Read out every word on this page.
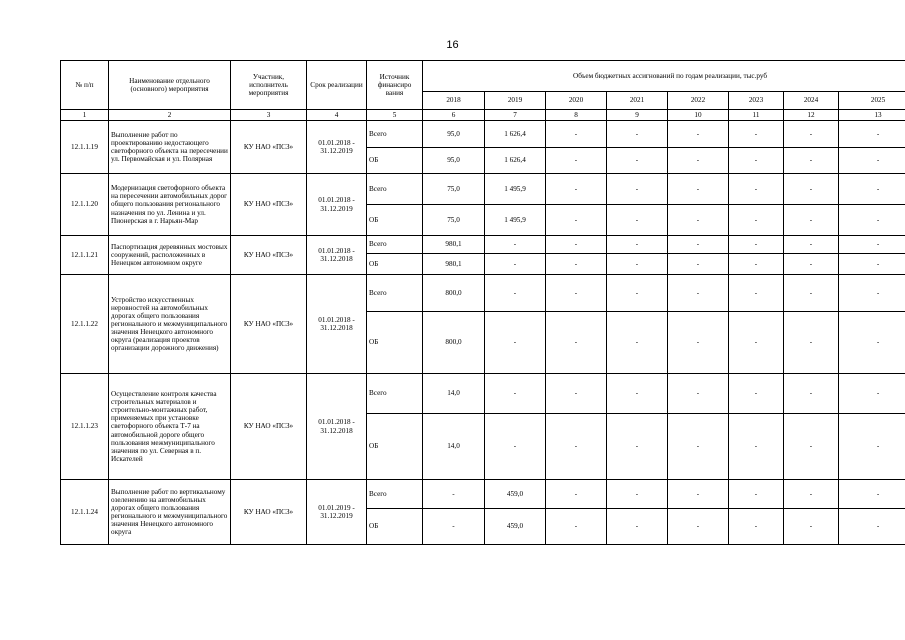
16
№ п/п	Наименование отдельного (основного) мероприятия	Участник, исполнитель мероприятия	Срок реализации	Источник финансиро вания	Объем бюджетных ассигнований по годам реализации, тыс.руб							
					2018	2019	2020	2021	2022	2023	2024	2025
1	2	3	4	5	6	7	8	9	10	11	12	13
12.1.1.19	Выполнение работ по проектированию недостающего светофорного объекта на пересечении ул. Первомайская и ул. Полярная	КУ НАО «ПСЗ»	01.01.2018 - 31.12.2019	Всего	95,0	1 626,4	-	-	-	-	-	-
				ОБ	95,0	1 626,4	-	-	-	-	-	-
12.1.1.20	Модернизация светофорного объекта на пересечении автомобильных дорог общего пользования регионального назначения по ул. Ленина и ул. Пионерская в г. Нарьян-Мар	КУ НАО «ПСЗ»	01.01.2018 - 31.12.2019	Всего	75,0	1 495,9	-	-	-	-	-	-
				ОБ	75,0	1 495,9	-	-	-	-	-	-
12.1.1.21	Паспортизация деревянных мостовых сооружений, расположенных в Ненецком автономном округе	КУ НАО «ПСЗ»	01.01.2018 - 31.12.2018	Всего	980,1	-	-	-	-	-	-	-
				ОБ	980,1	-	-	-	-	-	-	-
12.1.1.22	Устройство искусственных неровностей на автомобильных дорогах общего пользования регионального и межмуниципального значения Ненецкого автономного округа (реализация проектов организации дорожного движения)	КУ НАО «ПСЗ»	01.01.2018 - 31.12.2018	Всего	800,0	-	-	-	-	-	-	-
				ОБ	800,0	-	-	-	-	-	-	-
12.1.1.23	Осуществление контроля качества строительных материалов и строительно-монтажных работ, применяемых при установке светофорного объекта Т-7 на автомобильной дороге общего пользования межмуниципального значения по ул. Северная в п. Искателей	КУ НАО «ПСЗ»	01.01.2018 - 31.12.2018	Всего	14,0	-	-	-	-	-	-	-
				ОБ	14,0	-	-	-	-	-	-	-
12.1.1.24	Выполнение работ по вертикальному озеленению на автомобильных дорогах общего пользования регионального и межмуниципального значения Ненецкого автономного округа	КУ НАО «ПСЗ»	01.01.2019 - 31.12.2019	Всего	-	459,0	-	-	-	-	-	-
				ОБ	-	459,0	-	-	-	-	-	-
